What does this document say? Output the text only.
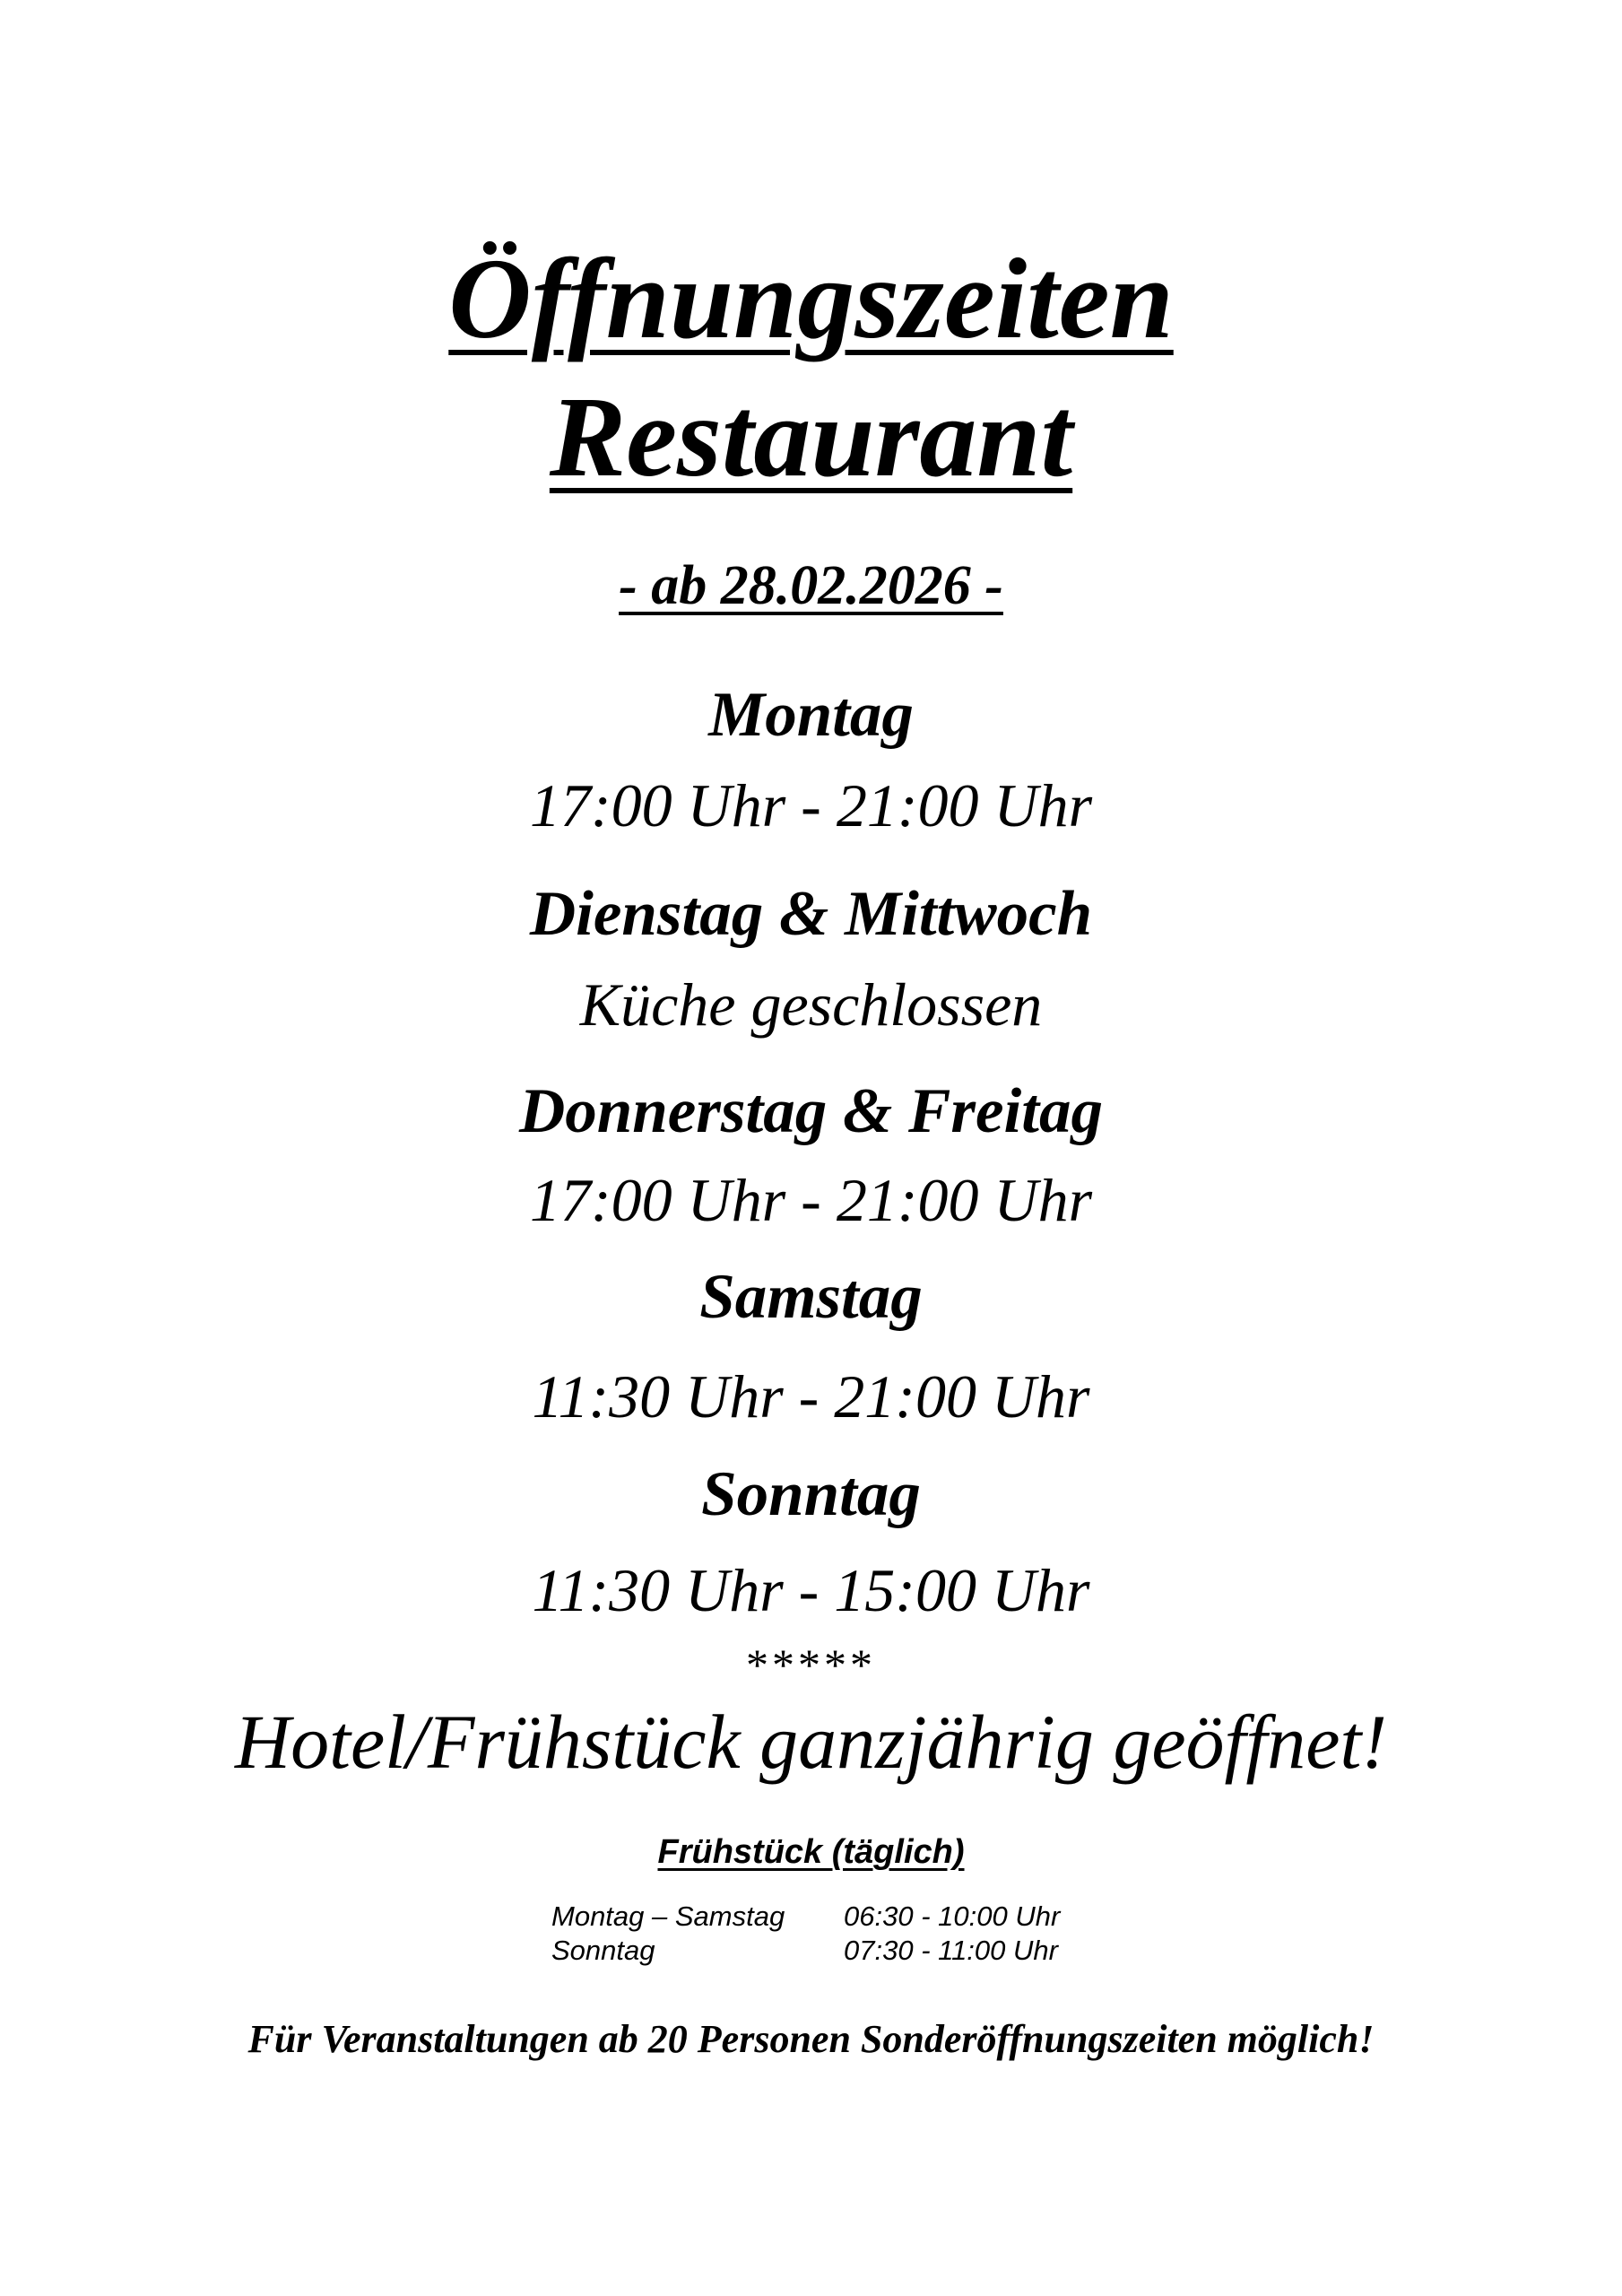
Öffnungszeiten
Restaurant
- ab 28.02.2026 -
Montag
17:00 Uhr - 21:00 Uhr
Dienstag & Mittwoch
Küche geschlossen
Donnerstag & Freitag
17:00 Uhr - 21:00 Uhr
Samstag
11:30 Uhr - 21:00 Uhr
Sonntag
11:30 Uhr - 15:00 Uhr
*****
Hotel/Frühstück ganzjährig geöffnet!
Frühstück (täglich)
Montag – Samstag	06:30 - 10:00 Uhr
Sonntag	07:30 - 11:00 Uhr
Für Veranstaltungen ab 20 Personen Sonderöffnungszeiten möglich!
